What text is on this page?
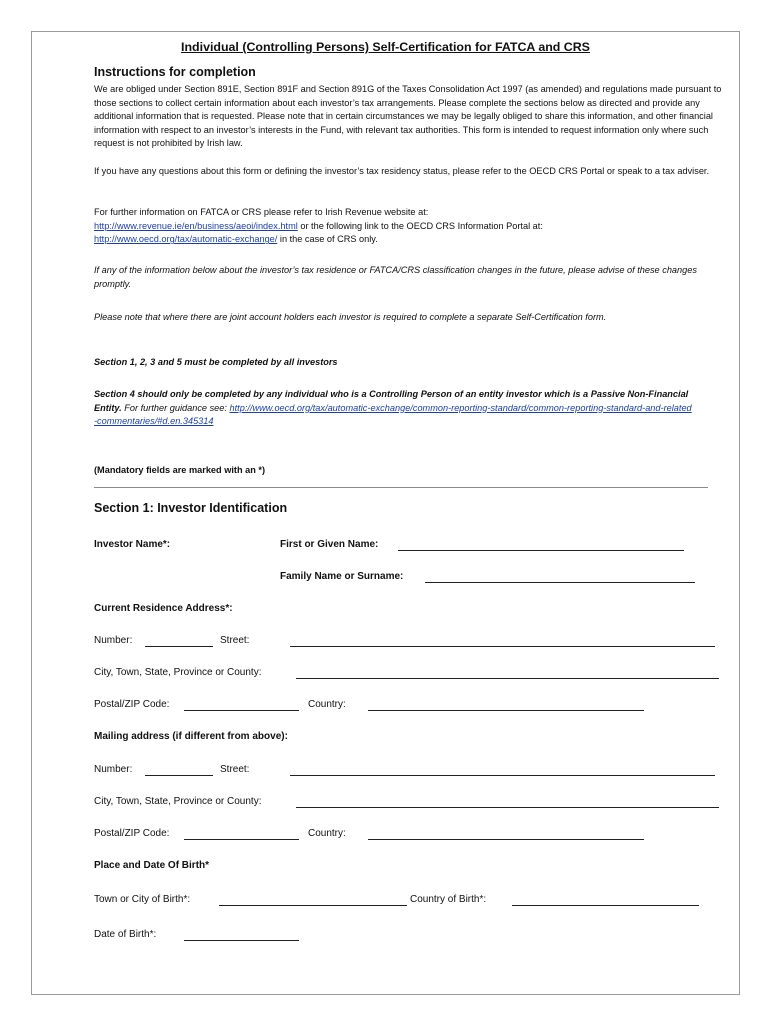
Individual (Controlling Persons) Self-Certification for FATCA and CRS
Instructions for completion
We are obliged under Section 891E, Section 891F and Section 891G of the Taxes Consolidation Act 1997 (as amended) and regulations made pursuant to those sections to collect certain information about each investor’s tax arrangements. Please complete the sections below as directed and provide any additional information that is requested. Please note that in certain circumstances we may be legally obliged to share this information, and other financial information with respect to an investor’s interests in the Fund, with relevant tax authorities. This form is intended to request information only where such request is not prohibited by Irish law.
If you have any questions about this form or defining the investor’s tax residency status, please refer to the OECD CRS Portal or speak to a tax adviser.

For further information on FATCA or CRS please refer to Irish Revenue website at:

http://www.revenue.ie/en/business/aeoi/index.html or the following link to the OECD CRS Information Portal at:

http://www.oecd.org/tax/automatic-exchange/ in the case of CRS only.

If any of the information below about the investor’s tax residence or FATCA/CRS classification changes in the future, please advise of these changes promptly.
Please note that where there are joint account holders each investor is required to complete a separate Self-Certification form.
Section 1, 2, 3 and 5 must be completed by all investors
Section 4 should only be completed by any individual who is a Controlling Person of an entity investor which is a Passive Non-Financial Entity. For further guidance see: http://www.oecd.org/tax/automatic-exchange/common-reporting-standard/common-reporting-standard-and-related-commentaries/#d.en.345314
(Mandatory fields are marked with an *)
Section 1: Investor Identification
Investor Name*:	First or Given Name:
Family Name or Surname:
Current Residence Address*:
Number:	Street:
City, Town, State, Province or County:
Postal/ZIP Code:	Country:
Mailing address (if different from above):
Number:	Street:
City, Town, State, Province or County:
Postal/ZIP Code:	Country:
Place and Date Of Birth*
Town or City of Birth*:	Country of Birth*:
Date of Birth*:
